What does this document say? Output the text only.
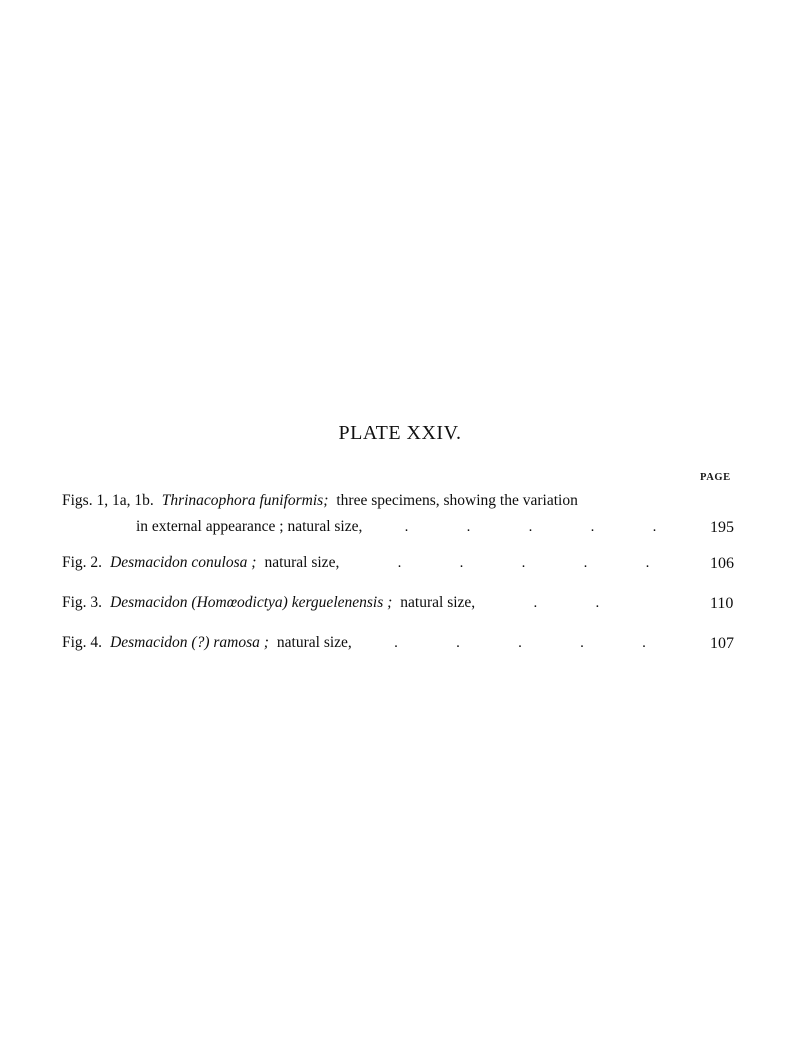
PLATE XXIV.
PAGE
Figs. 1, 1a, 1b. Thrinacophora funiformis; three specimens, showing the variation
in external appearance ; natural size,	.	.	.	.	.	195
Fig. 2. Desmacidon conulosa ; natural size,	.	.	.	.	.	106
Fig. 3. Desmacidon (Homœodictya) kerguelenensis ; natural size,	.	.	110
Fig. 4. Desmacidon (?) ramosa ; natural size,	.	.	.	.	.	107
